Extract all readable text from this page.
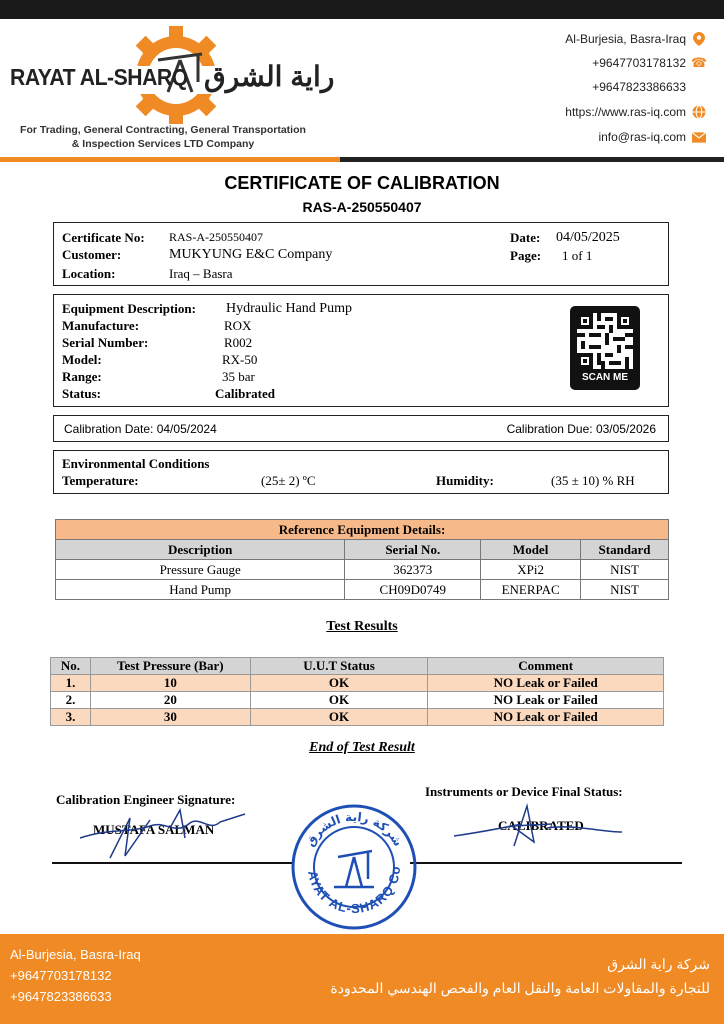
RAYAT AL-SHARQ راية الشرق
For Trading, General Contracting, General Transportation
& Inspection Services LTD Company
Al-Burjesia, Basra-Iraq
+9647703178132 ☎
+9647823386633
https://www.ras-iq.com
info@ras-iq.com
CERTIFICATE OF CALIBRATION
RAS-A-250550407
Certificate No: RAS-A-250550407
Customer:	MUKYUNG E&C Company
Location:	Iraq – Basra
Date: 04/05/2025
Page: 1 of 1
Equipment Description: Hydraulic Hand Pump
Manufacture:	ROX
Serial Number:	R002
Model:	RX-50
Range:	35 bar
Status:	Calibrated
SCAN ME
Calibration Date: 04/05/2024	Calibration Due: 03/05/2026
Environmental Conditions
Temperature:	(25± 2) ºC	Humidity:	(35 ± 10) % RH
Reference Equipment Details:			
Description	Serial No.	Model	Standard
Pressure Gauge	362373	XPi2	NIST
Hand Pump	CH09D0749	ENERPAC	NIST
Test Results
No.	Test Pressure (Bar)	U.U.T Status	Comment
1.	10	OK	NO Leak or Failed
2.	20	OK	NO Leak or Failed
3.	30	OK	NO Leak or Failed
End of Test Result
Calibration Engineer Signature:
MUSTAFA SALMAN
Instruments or Device Final Status:
CALIBRATED
AYAT AL-SHARQ Co
شركة راية الشرق
Al-Burjesia, Basra-Iraq
+9647703178132
+9647823386633
شركة راية الشرق
للتجارة والمقاولات العامة والنقل العام والفحص الهندسي المحدودة
